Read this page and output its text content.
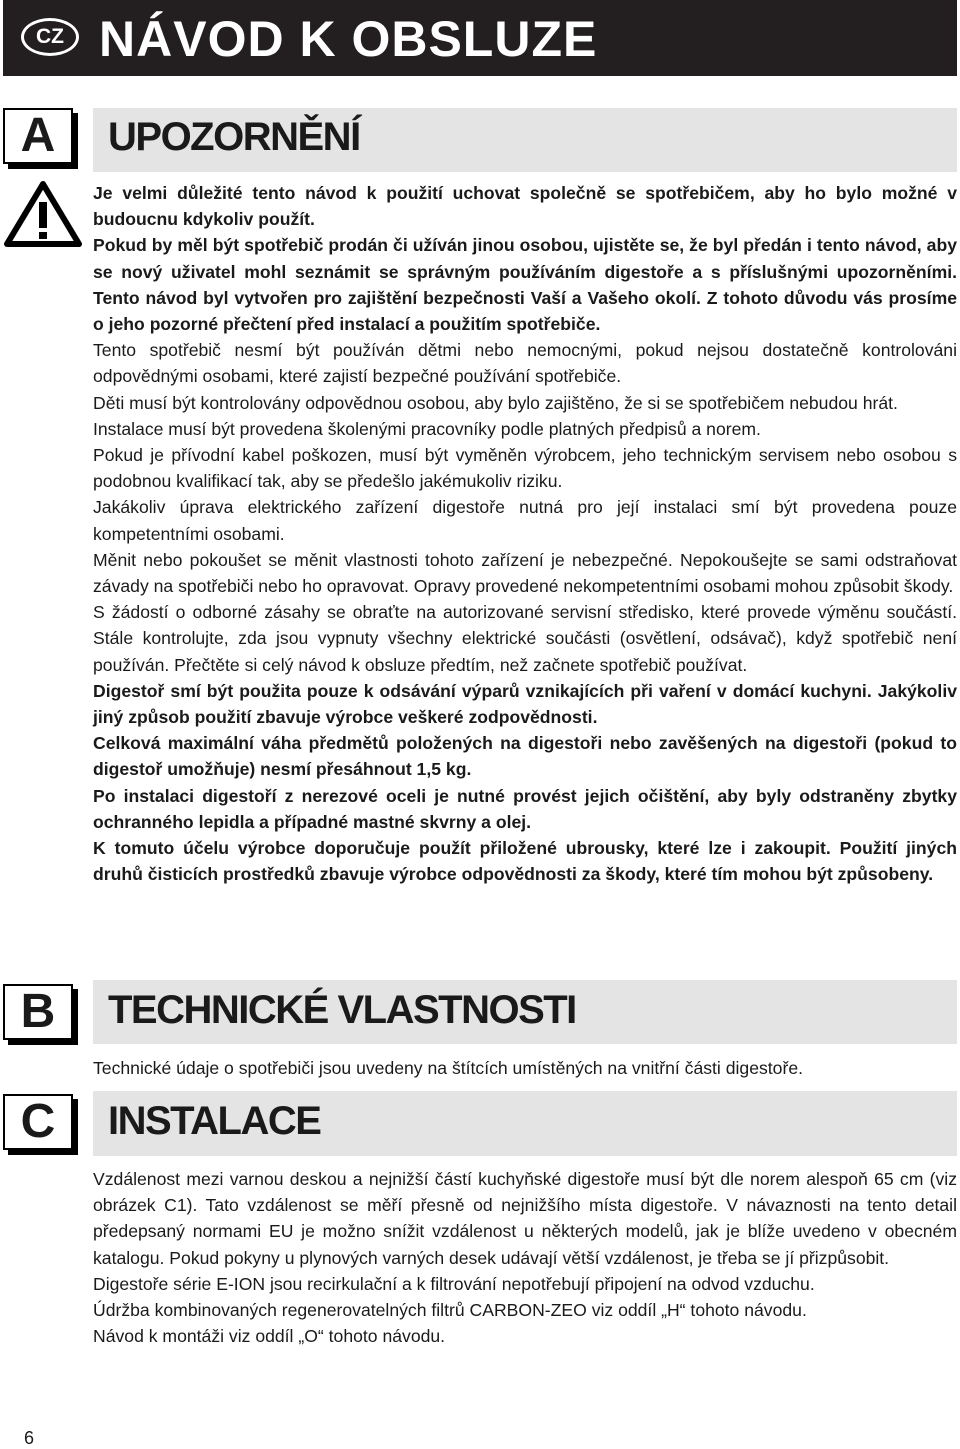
CZ NÁVOD K OBSLUZE
A	UPOZORNĚNÍ

Je velmi důležité tento návod k použití uchovat společně se spotřebičem, aby ho bylo možné v budoucnu kdykoliv použít.

Pokud by měl být spotřebič prodán či užíván jinou osobou, ujistěte se, že byl předán i tento návod, aby se nový uživatel mohl seznámit se správným používáním digestoře a s příslušnými upozorněními. Tento návod byl vytvořen pro zajištění bezpečnosti Vaší a Vašeho okolí. Z tohoto důvodu vás prosíme o jeho pozorné přečtení před instalací a použitím spotřebiče.

Tento spotřebič nesmí být používán dětmi nebo nemocnými, pokud nejsou dostatečně kontrolováni odpovědnými osobami, které zajistí bezpečné používání spotřebiče.

Děti musí být kontrolovány odpovědnou osobou, aby bylo zajištěno, že si se spotřebičem nebudou hrát.

Instalace musí být provedena školenými pracovníky podle platných předpisů a norem.

Pokud je přívodní kabel poškozen, musí být vyměněn výrobcem, jeho technickým servisem nebo osobou s podobnou kvalifikací tak, aby se předešlo jakémukoliv riziku.

Jakákoliv úprava elektrického zařízení digestoře nutná pro její instalaci smí být provedena pouze kompetentními osobami.

Měnit nebo pokoušet se měnit vlastnosti tohoto zařízení je nebezpečné. Nepokoušejte se sami odstraňovat závady na spotřebiči nebo ho opravovat. Opravy provedené nekompetentními osobami mohou způsobit škody.

S žádostí o odborné zásahy se obraťte na autorizované servisní středisko, které provede výměnu součástí. Stále kontrolujte, zda jsou vypnuty všechny elektrické součásti (osvětlení, odsávač), když spotřebič není používán. Přečtěte si celý návod k obsluze předtím, než začnete spotřebič používat.

Digestoř smí být použita pouze k odsávání výparů vznikajících při vaření v domácí kuchyni. Jakýkoliv jiný způsob použití zbavuje výrobce veškeré zodpovědnosti.

Celková maximální váha předmětů položených na digestoři nebo zavěšených na digestoři (pokud to digestoř umožňuje) nesmí přesáhnout 1,5 kg.

Po instalaci digestoří z nerezové oceli je nutné provést jejich očištění, aby byly odstraněny zbytky ochranného lepidla a případné mastné skvrny a olej.

K tomuto účelu výrobce doporučuje použít přiložené ubrousky, které lze i zakoupit. Použití jiných druhů čisticích prostředků zbavuje výrobce odpovědnosti za škody, které tím mohou být způsobeny.

B	TECHNICKÉ VLASTNOSTI

Technické údaje o spotřebiči jsou uvedeny na štítcích umístěných na vnitřní části digestoře.

C	INSTALACE

Vzdálenost mezi varnou deskou a nejnižší částí kuchyňské digestoře musí být dle norem alespoň 65 cm (viz obrázek C1). Tato vzdálenost se měří přesně od nejnižšího místa digestoře. V návaznosti na tento detail předepsaný normami EU je možno snížit vzdálenost u některých modelů, jak je blíže uvedeno v obecném katalogu. Pokud pokyny u plynových varných desek udávají větší vzdálenost, je třeba se jí přizpůsobit.

Digestoře série E-ION jsou recirkulační a k filtrování nepotřebují připojení na odvod vzduchu.

Údržba kombinovaných regenerovatelných filtrů CARBON-ZEO viz oddíl „H“ tohoto návodu.

Návod k montáži viz oddíl „O“ tohoto návodu.

6
